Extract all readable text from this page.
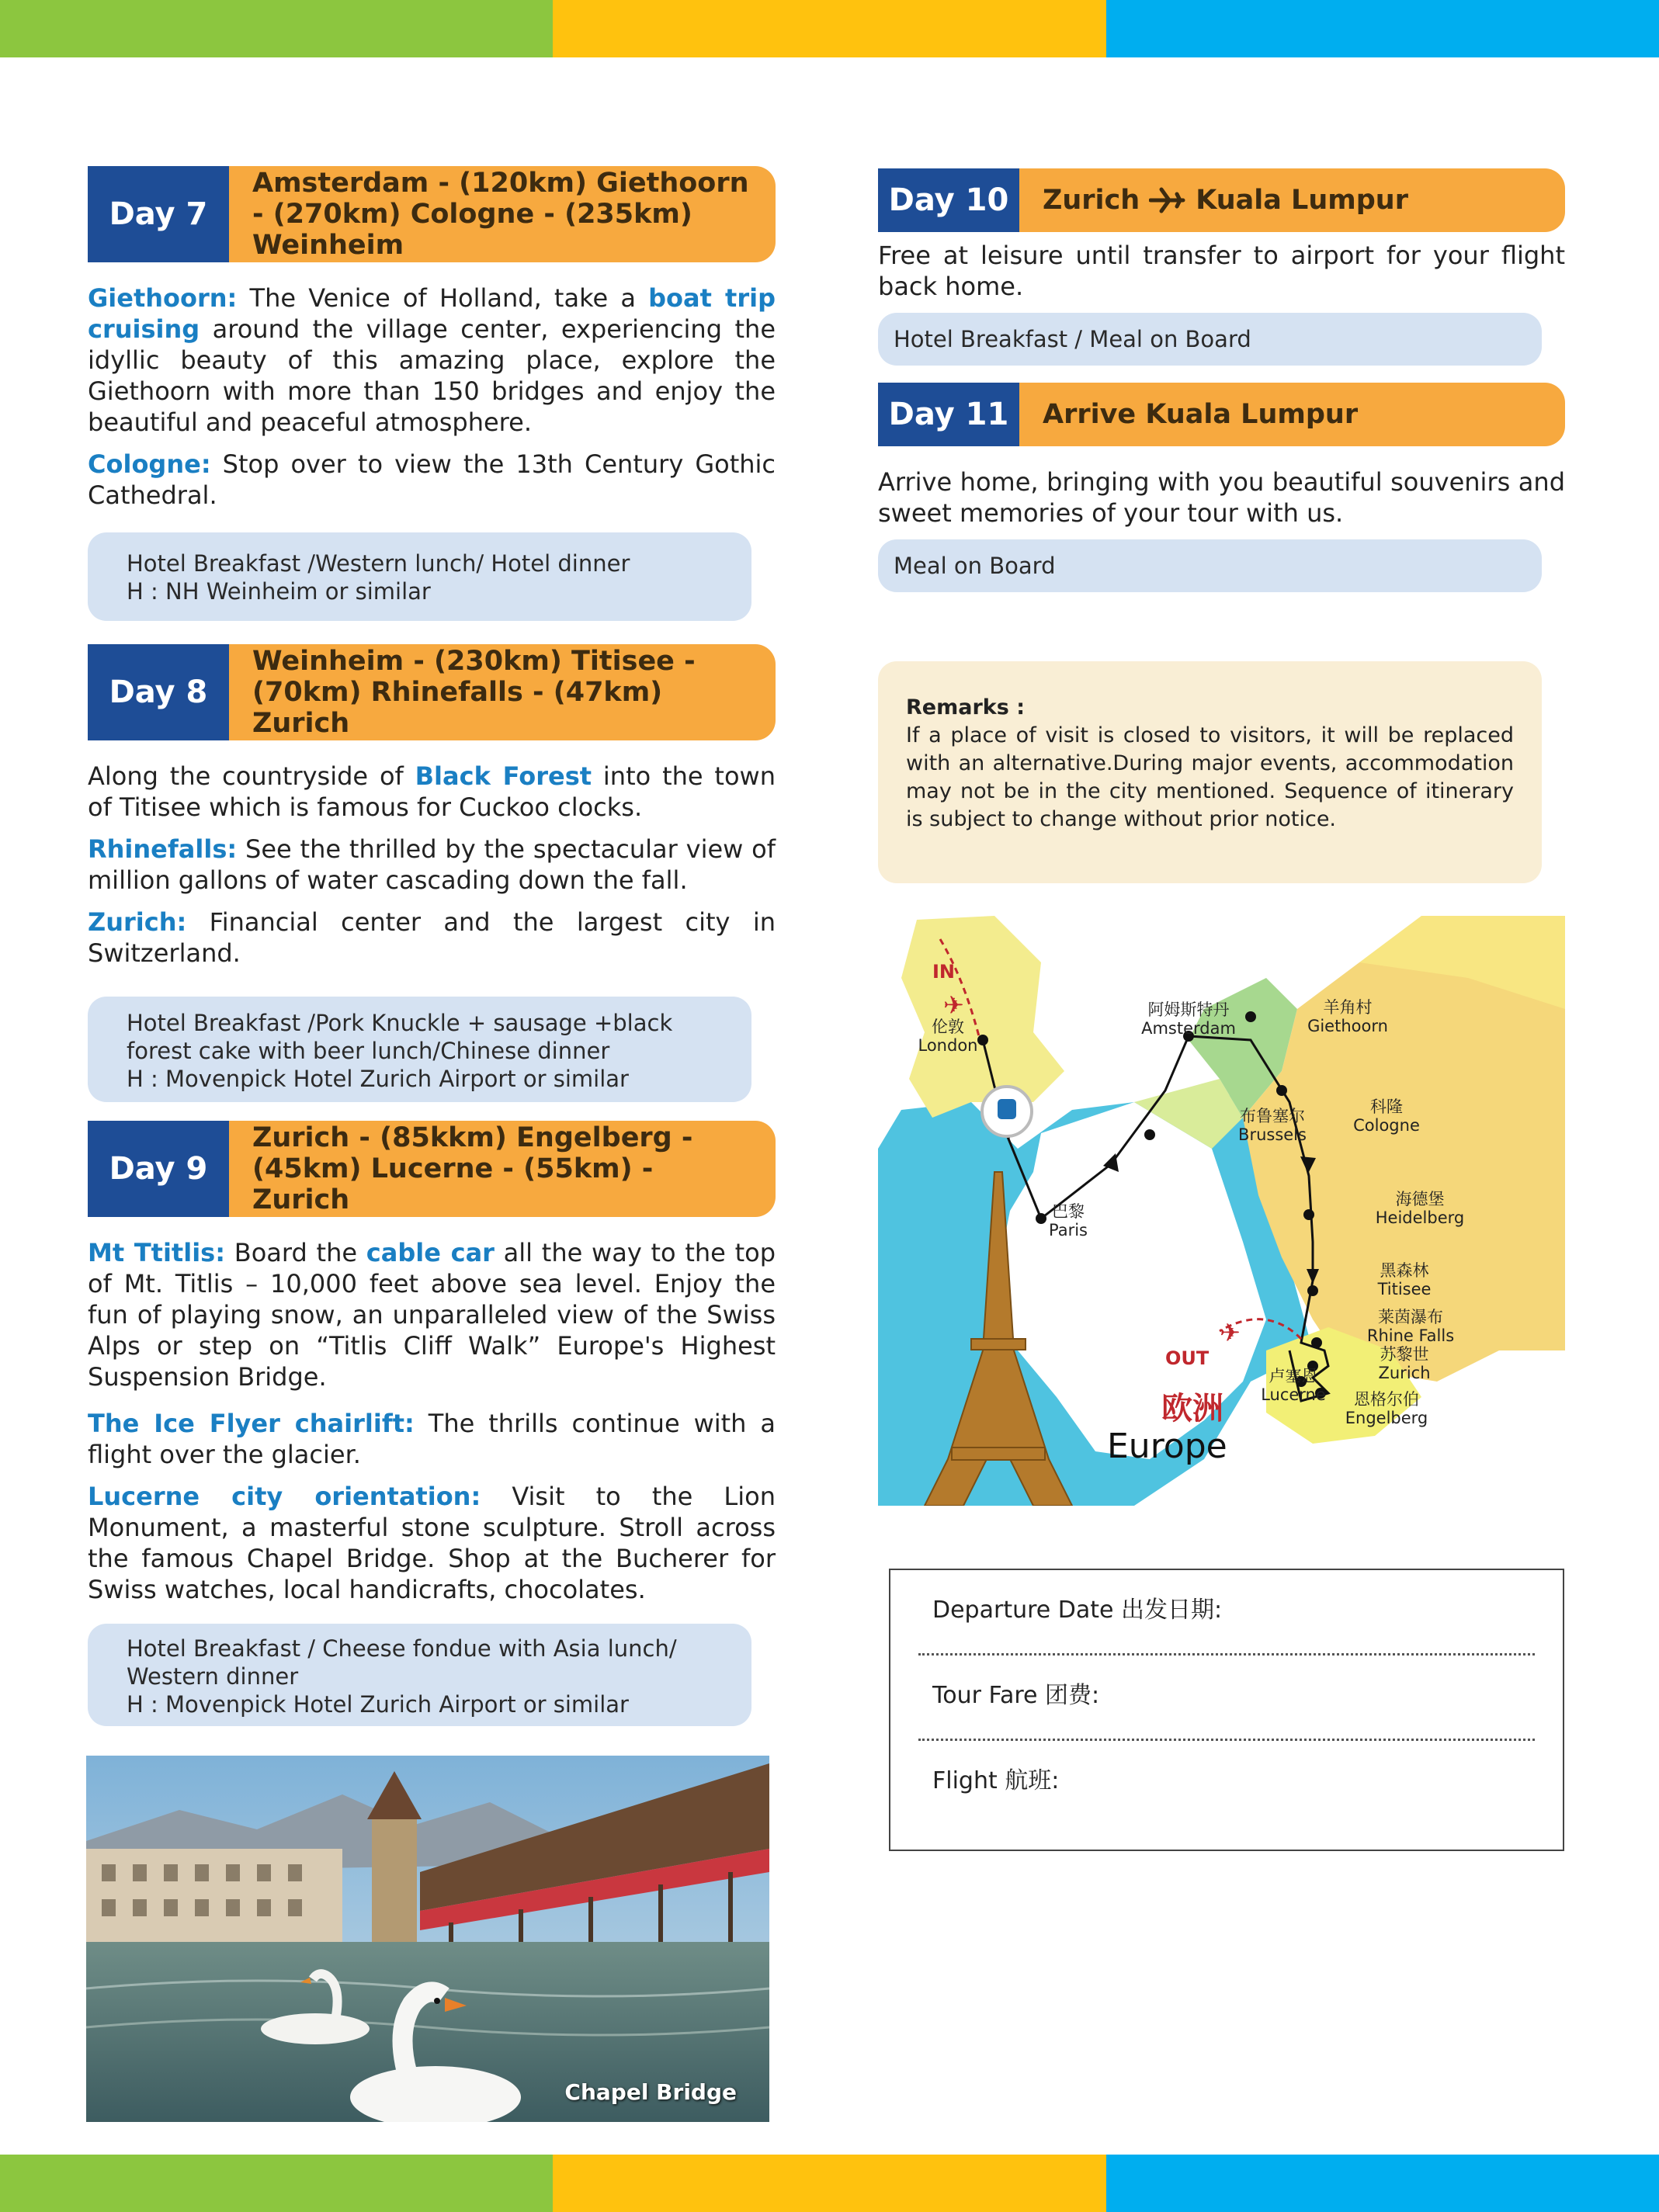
Day 7
Amsterdam - (120km) Giethoorn - (270km) Cologne - (235km) Weinheim

Giethoorn: The Venice of Holland, take a boat trip cruising around the village center, experiencing the idyllic beauty of this amazing place, explore the Giethoorn with more than 150 bridges and enjoy the beautiful and peaceful atmosphere.

Cologne: Stop over to view the 13th Century Gothic Cathedral.

Hotel Breakfast /Western lunch/ Hotel dinner
H : NH Weinheim or similar
Day 8
Weinheim - (230km) Titisee - (70km) Rhinefalls - (47km) Zurich

Along the countryside of Black Forest into the town of Titisee which is famous for Cuckoo clocks.

Rhinefalls: See the thrilled by the spectacular view of million gallons of water cascading down the fall.

Zurich: Financial center and the largest city in Switzerland.

Hotel Breakfast /Pork Knuckle + sausage +black forest cake with beer lunch/Chinese dinner
H : Movenpick Hotel Zurich Airport or similar
Day 9
Zurich - (85kkm) Engelberg - (45km) Lucerne - (55km) - Zurich

Mt Ttitlis: Board the cable car all the way to the top of Mt. Titlis – 10,000 feet above sea level. Enjoy the fun of playing snow, an unparalleled view of the Swiss Alps or step on “Titlis Cliff Walk” Europe's Highest Suspension Bridge.

The Ice Flyer chairlift: The thrills continue with a flight over the glacier.

Lucerne city orientation: Visit to the Lion Monument, a masterful stone sculpture. Stroll across the famous Chapel Bridge. Shop at the Bucherer for Swiss watches, local handicrafts, chocolates.

Hotel Breakfast / Cheese fondue with Asia lunch/ Western dinner
H : Movenpick Hotel Zurich Airport or similar
Chapel Bridge
Day 10	Zurich Kuala Lumpur

Free at leisure until transfer to airport for your flight back home.

Hotel Breakfast / Meal on Board
Day 11	Arrive Kuala Lumpur

Arrive home, bringing with you beautiful souvenirs and sweet memories of your tour with us.

Meal on Board
Remarks :
If a place of visit is closed to visitors, it will be replaced with an alternative.During major events, accommodation may not be in the city mentioned. Sequence of itinerary is subject to change without prior notice.
IN
OUT
✈
✈
伦敦
London
阿姆斯特丹
Amsterdam
羊角村
Giethoorn
布鲁塞尔
Brussels
科隆
Cologne
巴黎
Paris
海德堡
Heidelberg
黑森林
Titisee
莱茵瀑布
Rhine Falls
苏黎世
Zurich
卢塞恩
Lucerne 恩格尔伯
Engelberg
欧洲
Europe
Departure Date 出发日期:
Tour Fare 团费:
Flight 航班:
